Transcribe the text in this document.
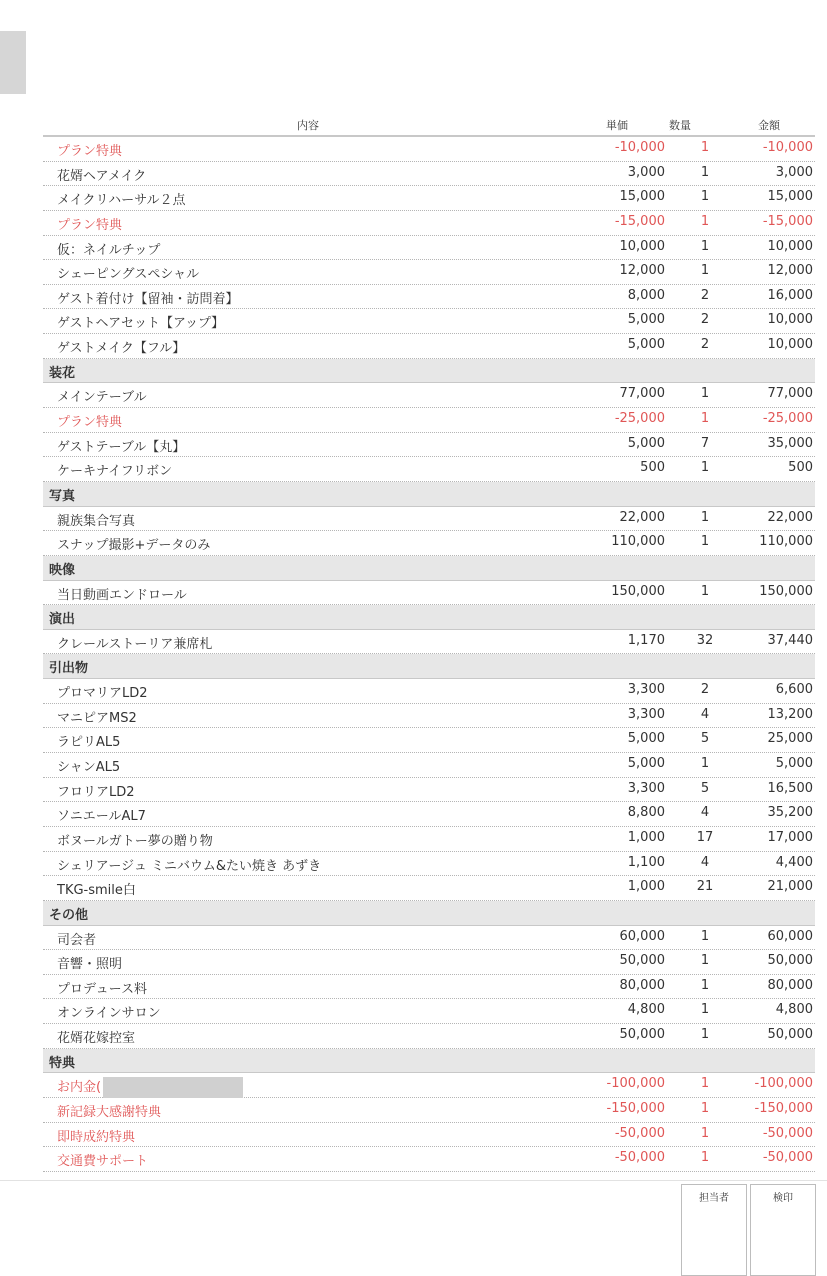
内容	単価	数量	金額
プラン特典	-10,000	1	-10,000
花婿ヘアメイク	3,000	1	3,000
メイクリハーサル２点	15,000	1	15,000
プラン特典	-15,000	1	-15,000
仮：ネイルチップ	10,000	1	10,000
シェーピングスペシャル	12,000	1	12,000
ゲスト着付け【留袖・訪問着】	8,000	2	16,000
ゲストヘアセット【アップ】	5,000	2	10,000
ゲストメイク【フル】	5,000	2	10,000
装花
メインテーブル	77,000	1	77,000
プラン特典	-25,000	1	-25,000
ゲストテーブル【丸】	5,000	7	35,000
ケーキナイフリボン	500	1	500
写真
親族集合写真	22,000	1	22,000
スナップ撮影+データのみ	110,000	1	110,000
映像
当日動画エンドロール	150,000	1	150,000
演出
クレールストーリア兼席札	1,170	32	37,440
引出物
プロマリアLD2	3,300	2	6,600
マニピアMS2	3,300	4	13,200
ラピリAL5	5,000	5	25,000
シャンAL5	5,000	1	5,000
フロリアLD2	3,300	5	16,500
ソニエールAL7	8,800	4	35,200
ボヌールガトー夢の贈り物	1,000	17	17,000
シェリアージュ ミニバウム&たい焼き あずき	1,100	4	4,400
TKG-smile白	1,000	21	21,000
その他
司会者	60,000	1	60,000
音響・照明	50,000	1	50,000
プロデュース料	80,000	1	80,000
オンラインサロン	4,800	1	4,800
花婿花嫁控室	50,000	1	50,000
特典
お内金(	-100,000	1	-100,000
新記録大感謝特典	-150,000	1	-150,000
即時成約特典	-50,000	1	-50,000
交通費サポート	-50,000	1	-50,000
担当者	検印
